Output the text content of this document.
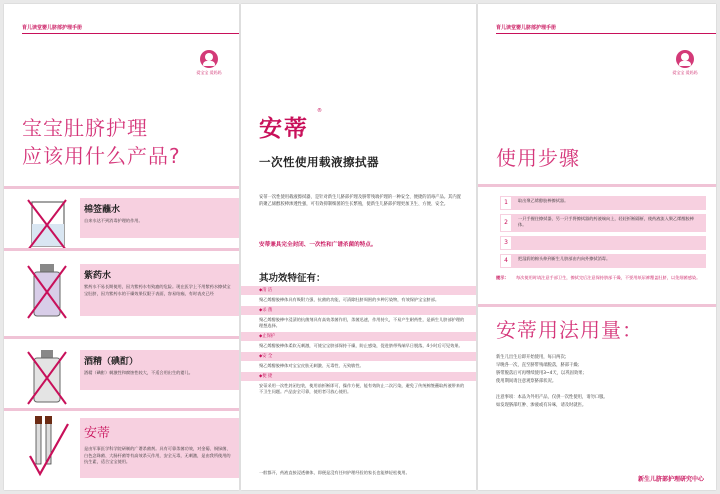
育儿读堂婴儿脐部护理手册
爱宝宝 爱妈妈
宝宝肚脐护理
应该用什么产品?
棉签蘸水
自来水达不到消毒护理的作用。
紫药水
紫药水不易长期使用，因为紫药水有致癌的危险。现在医学上不用紫药水擦拭宝宝肚脐，因为紫药水的干燥效果仅限于表面，容易结痂，有时表皮已经
酒精（碘酊）
酒精（碘酊）刺激性和腐蚀性较大，不适合用出生的婴儿。
安蒂
是由军事医学科学院研制的广谱杀菌剂。具有可靠杀菌功效，对金葡、铜绿菌、白色念珠菌、大肠杆菌等有高效杀灭作用，安全无毒，无刺激，是由我所使用的抗生素，适合宝宝使用。
安蒂
®
一次性使用载液擦拭器
安蒂一次性使用载液擦拭器，是针对新生儿脐部护理及脐带残端护理的一种安全、便捷的消毒产品。其内置的聚乙烯醇胶棒渗透性强，可有效抑制细菌的生长繁殖，使新生儿脐部护理更加卫生、方便、安全。
安蒂兼具完全封闭、一次性和广谱杀菌的特点。
其功效特征有：
◆清 洁
聚乙烯醇胶棒体具有吸附力强、抗菌的功能，可清除肚脐周围的多种污染物，有效保护宝宝脐部。
◆杀 菌
聚乙烯醇胶棒中浸渍的抗菌剂具有高效杀菌作用，杀菌迅速，作用持久，不易产生耐药性，是新生儿脐部护理的理想选择。
◆止保护
聚乙烯醇胶棒体柔软无刺激，可使宝宝脐部保持干燥，防止感染，促进脐带残端早日脱落，4小时后可见效果。
◆安 全
聚乙烯醇胶棒体对宝宝皮肤无刺激、无毒性、无致敏性。
◆便 捷
安蒂采用一次性封闭包装，使用前折断即可，操作方便，能有效防止二次污染，避免了传统棉签蘸取药液带来的不卫生问题。产品安全可靠，使用者可放心使用。
一般都开，药液直接浸透棉体，即便是没有任何护理经验的家长也能够轻松使用。
育儿读堂婴儿脐部护理手册
爱宝宝 爱妈妈
使用步骤
1	取出聚乙烯醇胶棒擦拭器。
2
一只手握住擦拭器，另一只手将擦拭器的药液端向上，轻轻折断隔断，使药液流入聚乙烯醇胶棒体。
3
4	把湿润的棉头伸到新生儿脐部由内向外擦拭消毒。
提示： 每次使用时请注意手部卫生，擦拭完后注意保持脐部干燥，不要用纸尿裤覆盖肚脐，以免细菌感染。
安蒂用法用量：
新生儿出生后即开始使用，每日两次；
早晚各一次，直至脐带残端脱落，脐部干燥；
脐带脱落后可再继续使用3~4天，以巩固效果；
使用期间请注意观察脐部状况。

注意事项：本品为外用产品，仅供一次性使用，请勿口服。
如发现脐部红肿、渗液或有异味，请及时就医。
新生儿脐部护理研究中心
